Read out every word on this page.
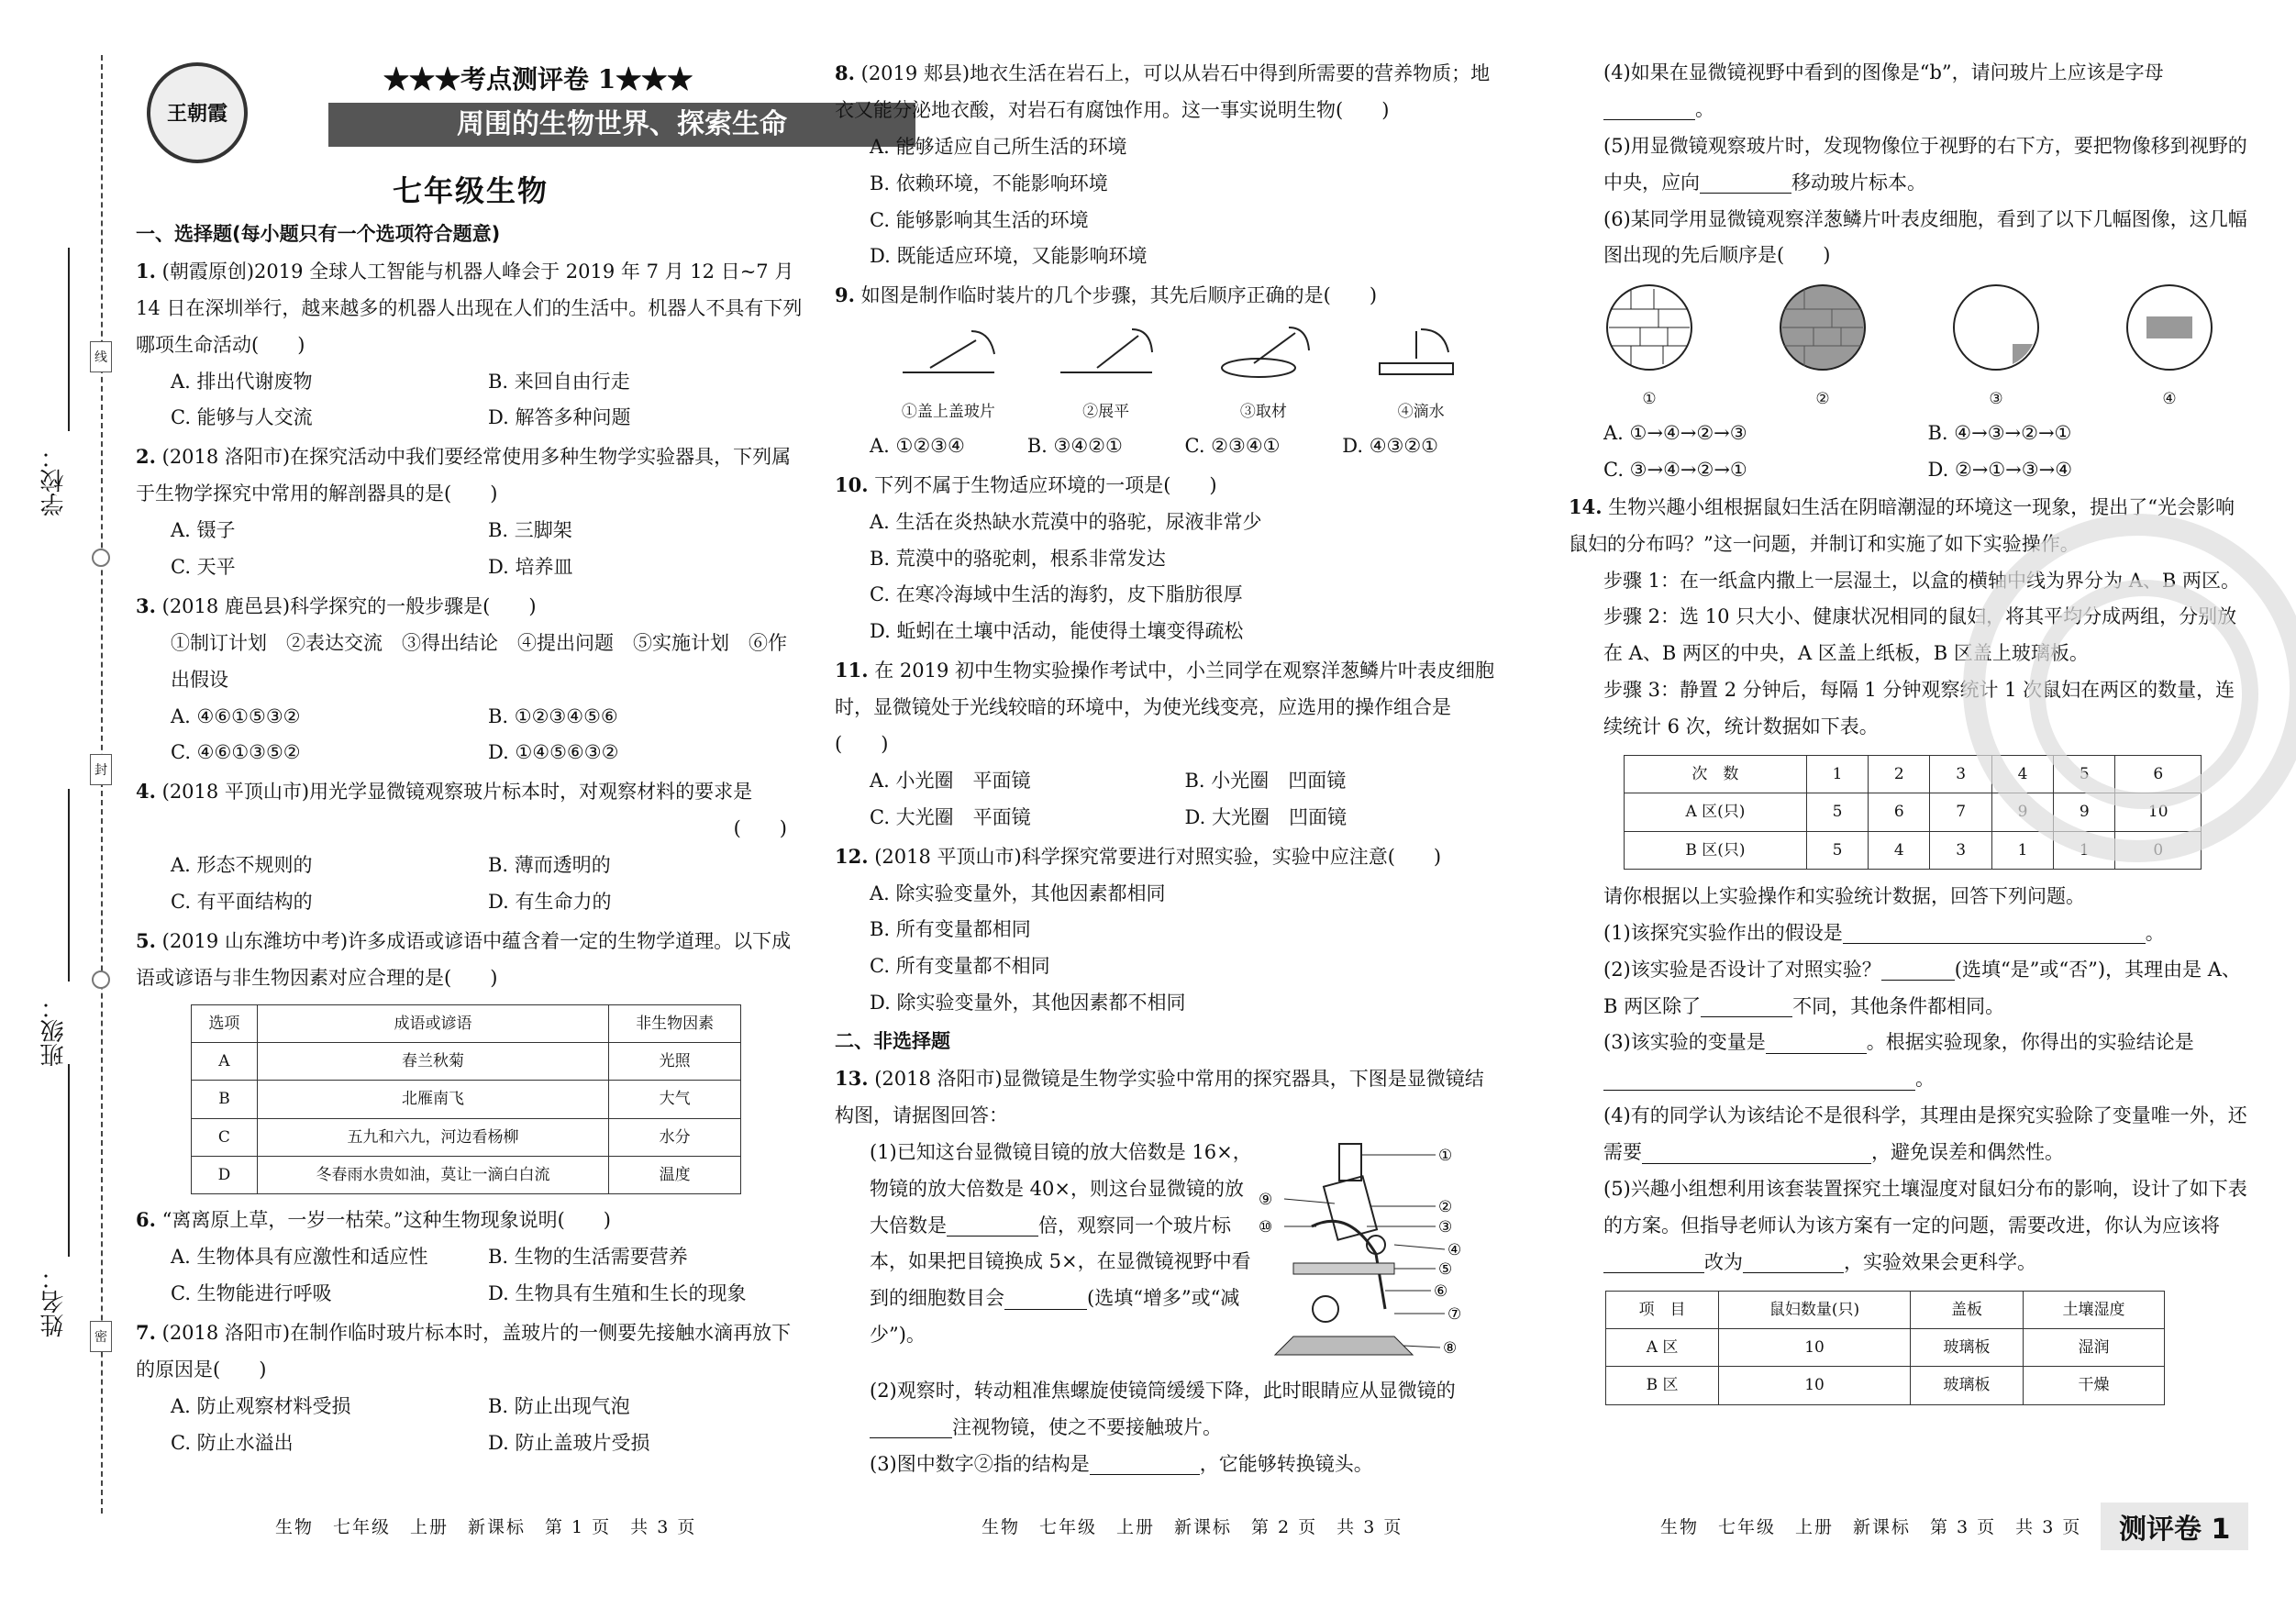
学校：
班级：
姓名：
线
封
密
王朝霞
★★★考点测评卷 1★★★
周围的生物世界、探索生命
七年级生物
一、选择题(每小题只有一个选项符合题意)
1. (朝霞原创)2019 全球人工智能与机器人峰会于 2019 年 7 月 12 日~7 月 14 日在深圳举行，越来越多的机器人出现在人们的生活中。机器人不具有下列哪项生命活动(　　)
A. 排出代谢废物	B. 来回自由行走
C. 能够与人交流	D. 解答多种问题
2. (2018 洛阳市)在探究活动中我们要经常使用多种生物学实验器具，下列属于生物学探究中常用的解剖器具的是(　　)
A. 镊子	B. 三脚架
C. 天平	D. 培养皿
3. (2018 鹿邑县)科学探究的一般步骤是(　　)
①制订计划　②表达交流　③得出结论　④提出问题　⑤实施计划　⑥作出假设
A. ④⑥①⑤③②	B. ①②③④⑤⑥
C. ④⑥①③⑤②	D. ①④⑤⑥③②
4. (2018 平顶山市)用光学显微镜观察玻片标本时，对观察材料的要求是
(　　)
A. 形态不规则的	B. 薄而透明的
C. 有平面结构的	D. 有生命力的
5. (2019 山东潍坊中考)许多成语或谚语中蕴含着一定的生物学道理。以下成语或谚语与非生物因素对应合理的是(　　)
选项	成语或谚语	非生物因素
A	春兰秋菊	光照
B	北雁南飞	大气
C	五九和六九，河边看杨柳	水分
D	冬春雨水贵如油，莫让一滴白白流	温度
6. “离离原上草，一岁一枯荣。”这种生物现象说明(　　)
A. 生物体具有应激性和适应性	B. 生物的生活需要营养
C. 生物能进行呼吸	D. 生物具有生殖和生长的现象
7. (2018 洛阳市)在制作临时玻片标本时，盖玻片的一侧要先接触水滴再放下的原因是(　　)
A. 防止观察材料受损	B. 防止出现气泡
C. 防止水溢出	D. 防止盖玻片受损
8. (2019 郏县)地衣生活在岩石上，可以从岩石中得到所需要的营养物质；地衣又能分泌地衣酸，对岩石有腐蚀作用。这一事实说明生物(　　)
A. 能够适应自己所生活的环境
B. 依赖环境，不能影响环境
C. 能够影响其生活的环境
D. 既能适应环境，又能影响环境
9. 如图是制作临时装片的几个步骤，其先后顺序正确的是(　　)
①盖上盖玻片	②展平	③取材	④滴水
A. ①②③④	B. ③④②①	C. ②③④①	D. ④③②①
10. 下列不属于生物适应环境的一项是(　　)
A. 生活在炎热缺水荒漠中的骆驼，尿液非常少
B. 荒漠中的骆驼刺，根系非常发达
C. 在寒冷海域中生活的海豹，皮下脂肪很厚
D. 蚯蚓在土壤中活动，能使得土壤变得疏松
11. 在 2019 初中生物实验操作考试中，小兰同学在观察洋葱鳞片叶表皮细胞时，显微镜处于光线较暗的环境中，为使光线变亮，应选用的操作组合是(　　)
A. 小光圈　平面镜	B. 小光圈　凹面镜
C. 大光圈　平面镜	D. 大光圈　凹面镜
12. (2018 平顶山市)科学探究常要进行对照实验，实验中应注意(　　)
A. 除实验变量外，其他因素都相同
B. 所有变量都相同
C. 所有变量都不相同
D. 除实验变量外，其他因素都不相同
二、非选择题
13. (2018 洛阳市)显微镜是生物学实验中常用的探究器具，下图是显微镜结构图，请据图回答：
(1)已知这台显微镜目镜的放大倍数是 16×，物镜的放大倍数是 40×，则这台显微镜的放大倍数是	倍，观察同一个玻片标本，如果把目镜换成 5×，在显微镜视野中看到的细胞数目会	(选填“增多”或“减少”)。
①
②
③
④
⑤
⑥
⑦
⑧
⑨
⑩
(2)观察时，转动粗准焦螺旋使镜筒缓缓下降，此时眼睛应从显微镜的注视物镜，使之不要接触玻片。
(3)图中数字②指的结构是	，它能够转换镜头。
(4)如果在显微镜视野中看到的图像是“b”，请问玻片上应该是字母
。
(5)用显微镜观察玻片时，发现物像位于视野的右下方，要把物像移到视野的中央，应向	移动玻片标本。
(6)某同学用显微镜观察洋葱鳞片叶表皮细胞，看到了以下几幅图像，这几幅图出现的先后顺序是(　　)
①	②	③	④
A. ①→④→②→③	B. ④→③→②→①
C. ③→④→②→①	D. ②→①→③→④
14. 生物兴趣小组根据鼠妇生活在阴暗潮湿的环境这一现象，提出了“光会影响鼠妇的分布吗？”这一问题，并制订和实施了如下实验操作。
步骤 1：在一纸盒内撒上一层湿土，以盒的横轴中线为界分为 A、B 两区。
步骤 2：选 10 只大小、健康状况相同的鼠妇，将其平均分成两组，分别放在 A、B 两区的中央，A 区盖上纸板，B 区盖上玻璃板。
步骤 3：静置 2 分钟后，每隔 1 分钟观察统计 1 次鼠妇在两区的数量，连续统计 6 次，统计数据如下表。
次　数	1	2	3	4	5	6
A 区(只)	5	6	7	9	9	10
B 区(只)	5	4	3	1	1	0
请你根据以上实验操作和实验统计数据，回答下列问题。
(1)该探究实验作出的假设是	。
(2)该实验是否设计了对照实验？	(选填“是”或“否”)，其理由是 A、B 两区除了	不同，其他条件都相同。
(3)该实验的变量是	。根据实验现象，你得出的实验结论是。
(4)有的同学认为该结论不是很科学，其理由是探究实验除了变量唯一外，还需要	，避免误差和偶然性。
(5)兴趣小组想利用该套装置探究土壤湿度对鼠妇分布的影响，设计了如下表的方案。但指导老师认为该方案有一定的问题，需要改进，你认为应该将改为	，实验效果会更科学。
项　目	鼠妇数量(只)	盖板	土壤湿度
A 区	10	玻璃板	湿润
B 区	10	玻璃板	干燥
生物　七年级　上册　新课标　第 1 页　共 3 页	生物　七年级　上册　新课标　第 2 页　共 3 页	生物　七年级　上册　新课标　第 3 页　共 3 页	测评卷 1
